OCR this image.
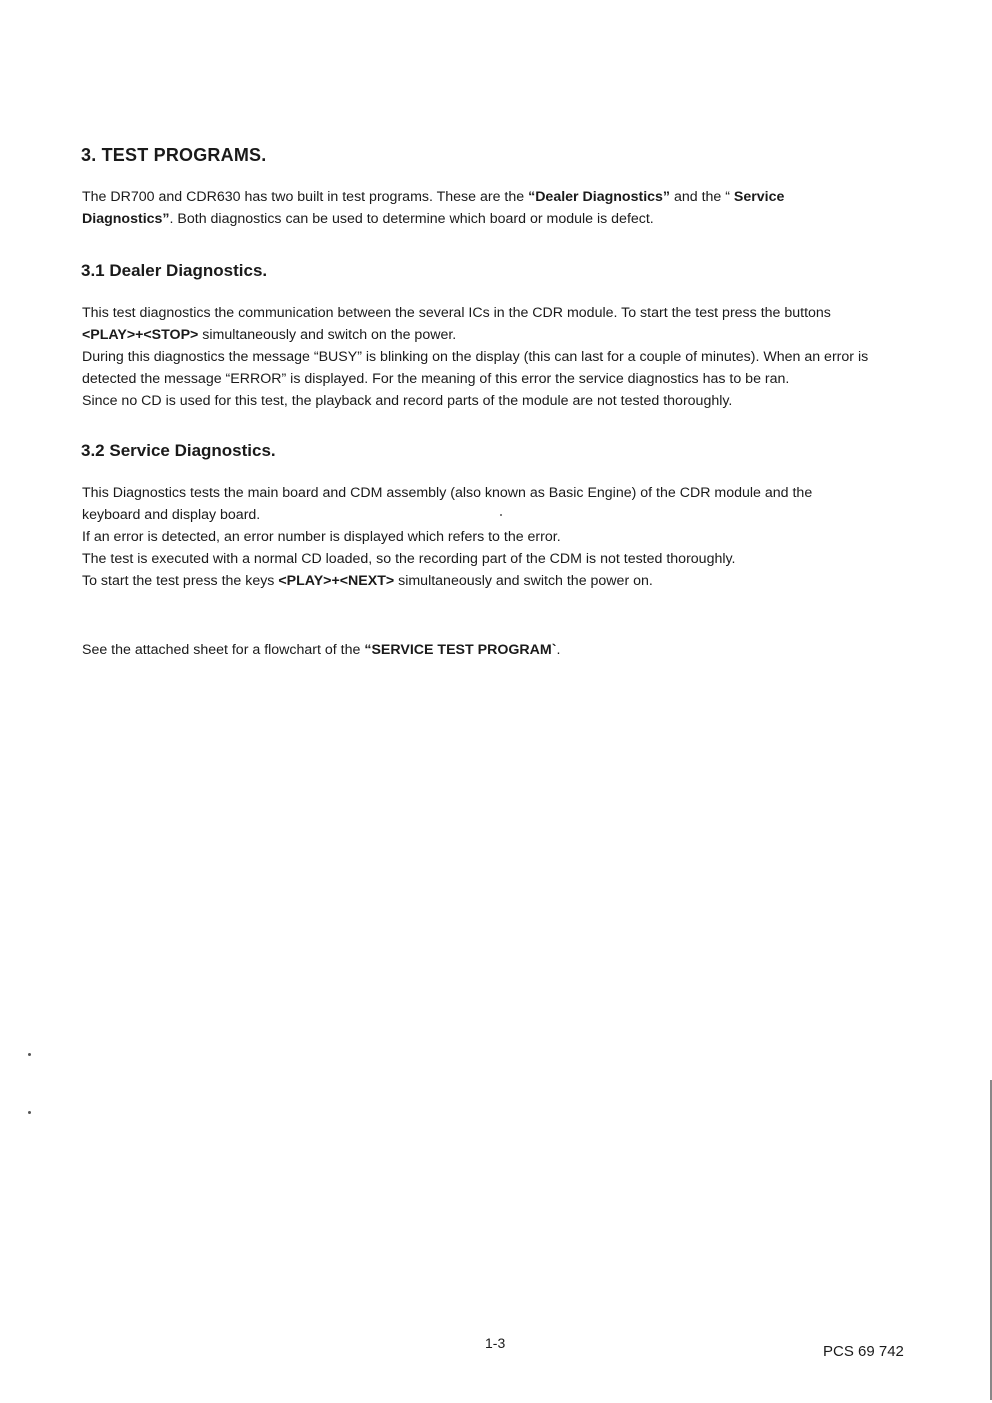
3. TEST PROGRAMS.

The DR700 and CDR630 has two built in test programs. These are the “Dealer Diagnostics” and the “ Service
Diagnostics”. Both diagnostics can be used to determine which board or module is defect.

3.1 Dealer Diagnostics.

This test diagnostics the communication between the several ICs in the CDR module. To start the test press the buttons
<PLAY>+<STOP> simultaneously and switch on the power.
During this diagnostics the message “BUSY” is blinking on the display (this can last for a couple of minutes). When an error is
detected the message “ERROR” is displayed. For the meaning of this error the service diagnostics has to be ran.
Since no CD is used for this test, the playback and record parts of the module are not tested thoroughly.

3.2 Service Diagnostics.

This Diagnostics tests the main board and CDM assembly (also known as Basic Engine) of the CDR module and the
keyboard and display board.
If an error is detected, an error number is displayed which refers to the error.
The test is executed with a normal CD loaded, so the recording part of the CDM is not tested thoroughly.
To start the test press the keys <PLAY>+<NEXT> simultaneously and switch the power on.

See the attached sheet for a flowchart of the “SERVICE TEST PROGRAM`.

1-3	PCS 69 742
